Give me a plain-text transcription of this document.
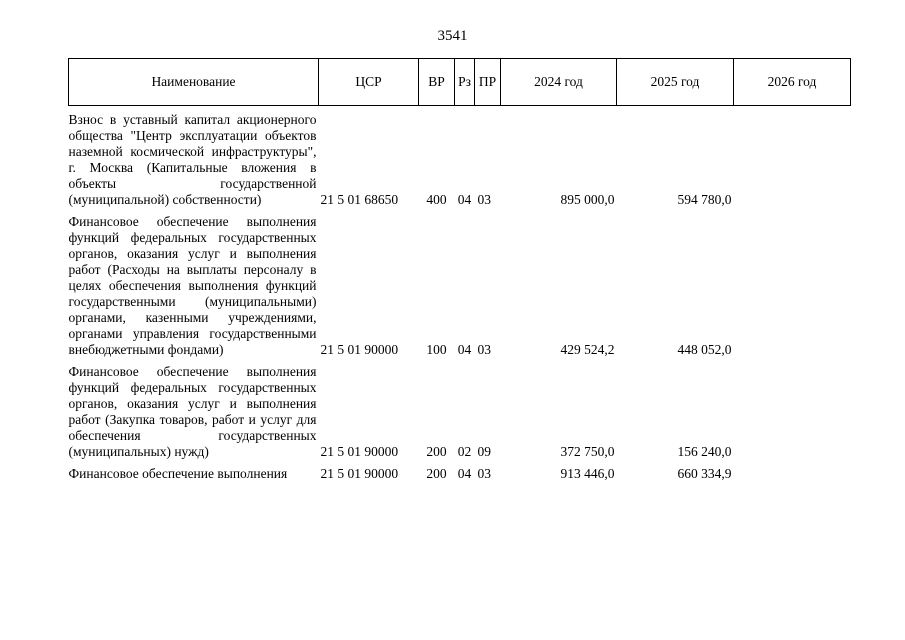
3541
Наименование	ЦСР	ВР	Рз	ПР	2024 год	2025 год	2026 год
Взнос в уставный капитал акционерного общества "Центр эксплуатации объектов наземной космической инфраструктуры", г. Москва (Капитальные вложения в объекты государственной (муниципальной) собственности)	21 5 01 68650	400	04	03	895 000,0	594 780,0	
Финансовое обеспечение выполнения функций федеральных государственных органов, оказания услуг и выполнения работ (Расходы на выплаты персоналу в целях обеспечения выполнения функций государственными (муниципальными) органами, казенными учреждениями, органами управления государственными внебюджетными фондами)	21 5 01 90000	100	04	03	429 524,2	448 052,0	
Финансовое обеспечение выполнения функций федеральных государственных органов, оказания услуг и выполнения работ (Закупка товаров, работ и услуг для обеспечения государственных (муниципальных) нужд)	21 5 01 90000	200	02	09	372 750,0	156 240,0	
Финансовое обеспечение выполнения	21 5 01 90000	200	04	03	913 446,0	660 334,9	
